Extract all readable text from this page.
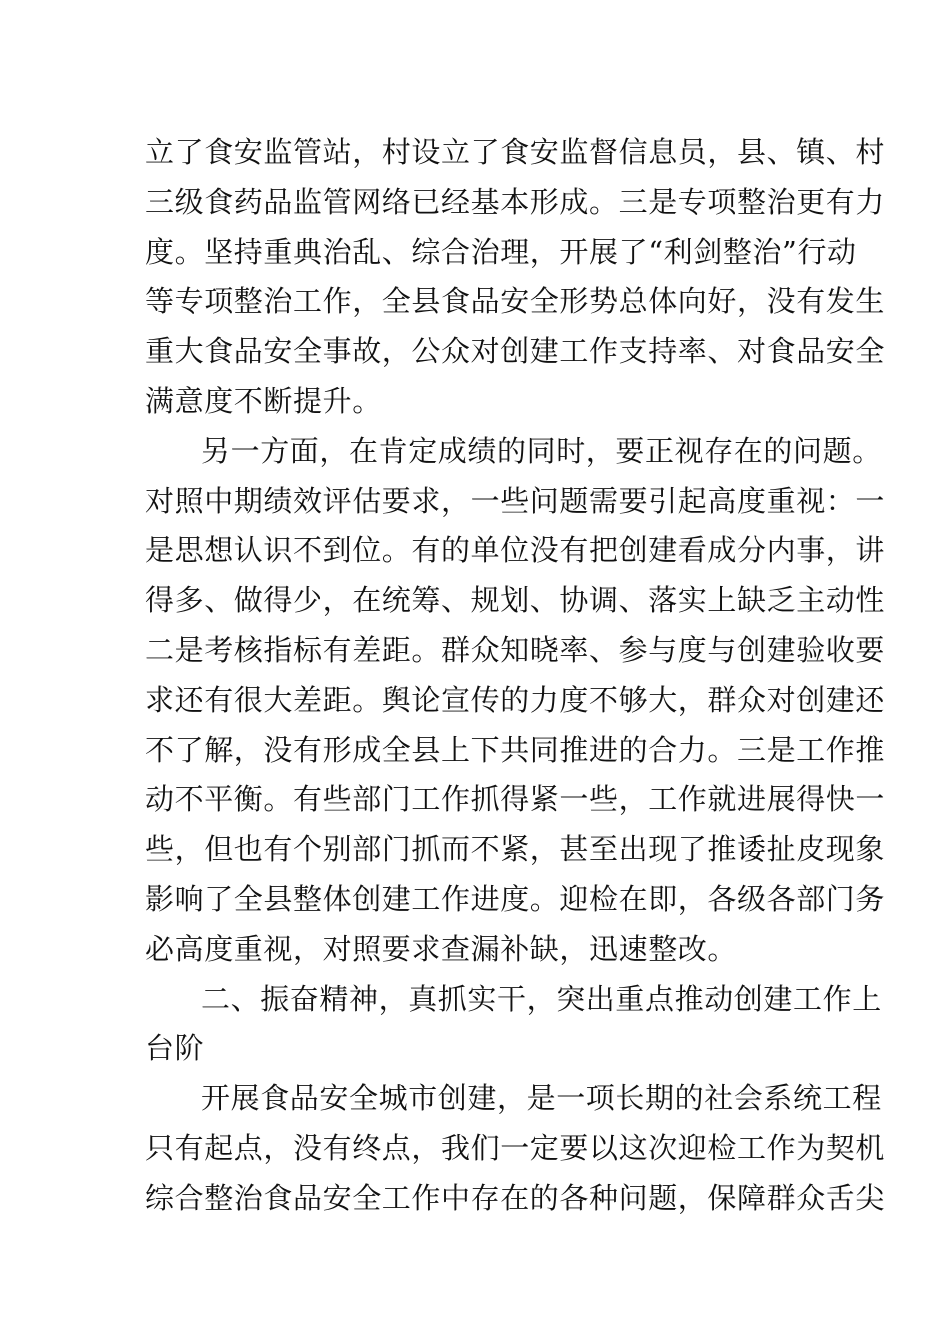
立了食安监管站，村设立了食安监督信息员，县、镇、村
三级食药品监管网络已经基本形成。三是专项整治更有力
度。坚持重典治乱、综合治理，开展了“利剑整治”行动
等专项整治工作，全县食品安全形势总体向好，没有发生
重大食品安全事故，公众对创建工作支持率、对食品安全
满意度不断提升。
另一方面，在肯定成绩的同时，要正视存在的问题。
对照中期绩效评估要求，一些问题需要引起高度重视：一
是思想认识不到位。有的单位没有把创建看成分内事，讲
得多、做得少，在统筹、规划、协调、落实上缺乏主动性
二是考核指标有差距。群众知晓率、参与度与创建验收要
求还有很大差距。舆论宣传的力度不够大，群众对创建还
不了解，没有形成全县上下共同推进的合力。三是工作推
动不平衡。有些部门工作抓得紧一些，工作就进展得快一
些，但也有个别部门抓而不紧，甚至出现了推诿扯皮现象
影响了全县整体创建工作进度。迎检在即，各级各部门务
必高度重视，对照要求查漏补缺，迅速整改。
二、振奋精神，真抓实干，突出重点推动创建工作上
台阶
开展食品安全城市创建，是一项长期的社会系统工程
只有起点，没有终点，我们一定要以这次迎检工作为契机
综合整治食品安全工作中存在的各种问题，保障群众舌尖
